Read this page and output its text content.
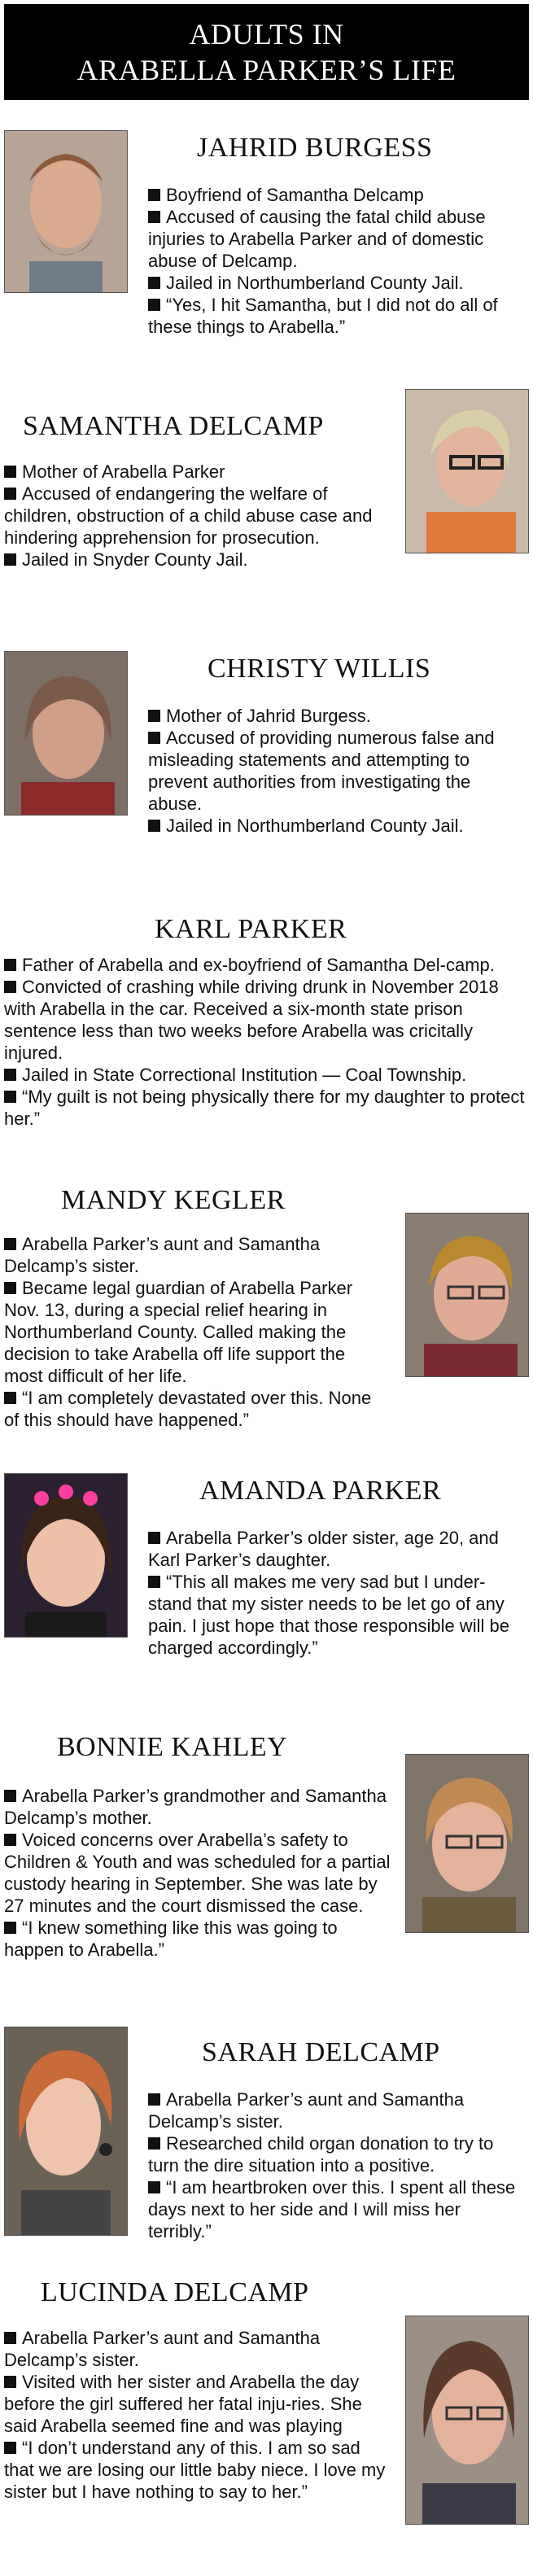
ADULTS IN
ARABELLA PARKER’S LIFE
JAHRID BURGESS

Boyfriend of Samantha Delcamp

Accused of causing the fatal child abuse injuries to Arabella Parker and of domestic abuse of Delcamp.

Jailed in Northumberland County Jail.

“Yes, I hit Samantha, but I did not do all of these things to Arabella.”

SAMANTHA DELCAMP

Mother of Arabella Parker

Accused of endangering the welfare of children, obstruction of a child abuse case and hindering apprehension for prosecution.

Jailed in Snyder County Jail.

CHRISTY WILLIS

Mother of Jahrid Burgess.

Accused of providing numerous false and misleading statements and attempting to prevent authorities from investigating the abuse.

Jailed in Northumberland County Jail.

KARL PARKER

Father of Arabella and ex-boyfriend of Samantha Del-camp.

Convicted of crashing while driving drunk in November 2018 with Arabella in the car. Received a six-month state prison sentence less than two weeks before Arabella was cricitally injured.

Jailed in State Correctional Institution — Coal Township.

“My guilt is not being physically there for my daughter to protect her.”

MANDY KEGLER

Arabella Parker’s aunt and Samantha Delcamp’s sister.

Became legal guardian of Arabella Parker Nov. 13, during a special relief hearing in Northumberland County. Called making the decision to take Arabella off life support the most difficult of her life.

“I am completely devastated over this. None of this should have happened.”

AMANDA PARKER

Arabella Parker’s older sister, age 20, and Karl Parker’s daughter.

“This all makes me very sad but I under-stand that my sister needs to be let go of any pain. I just hope that those responsible will be charged accordingly.”

BONNIE KAHLEY

Arabella Parker’s grandmother and Samantha Delcamp’s mother.

Voiced concerns over Arabella’s safety to Children & Youth and was scheduled for a partial custody hearing in September. She was late by 27 minutes and the court dismissed the case.

“I knew something like this was going to happen to Arabella.”

SARAH DELCAMP

Arabella Parker’s aunt and Samantha Delcamp’s sister.

Researched child organ donation to try to turn the dire situation into a positive.

“I am heartbroken over this. I spent all these days next to her side and I will miss her terribly.”

LUCINDA DELCAMP

Arabella Parker’s aunt and Samantha Delcamp’s sister.

Visited with her sister and Arabella the day before the girl suffered her fatal inju-ries. She said Arabella seemed fine and was playing

“I don’t understand any of this. I am so sad that we are losing our little baby niece. I love my sister but I have nothing to say to her.”
